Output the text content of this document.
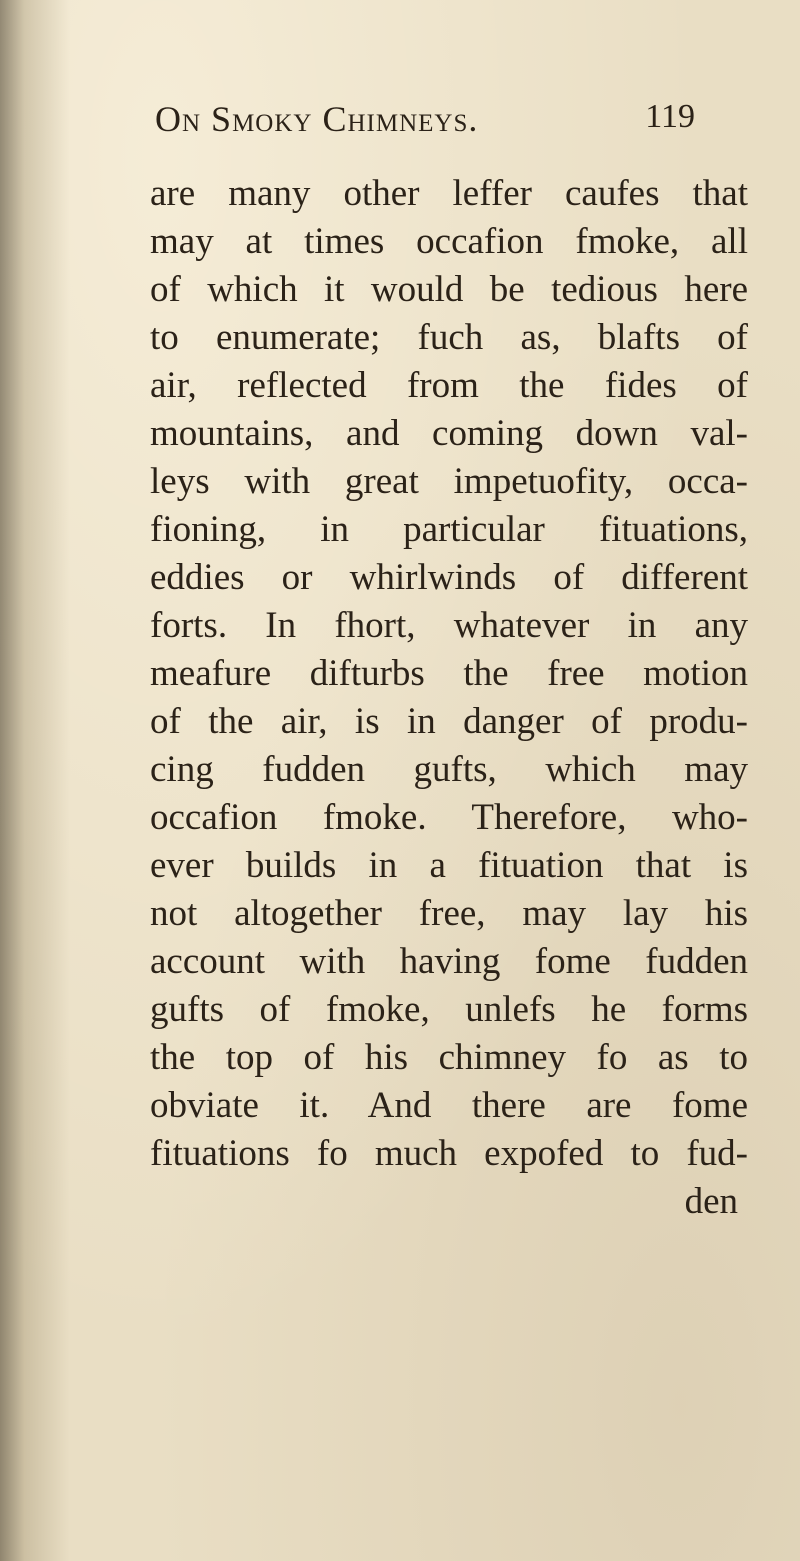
On Smoky Chimneys.	119
are many other leffer caufes that
may at times occafion fmoke, all
of which it would be tedious here
to enumerate; fuch as, blafts of
air, reflected from the fides of
mountains, and coming down val-
leys with great impetuofity, occa-
fioning, in particular fituations,
eddies or whirlwinds of different
forts. In fhort, whatever in any
meafure difturbs the free motion
of the air, is in danger of produ-
cing fudden gufts, which may
occafion fmoke. Therefore, who-
ever builds in a fituation that is
not altogether free, may lay his
account with having fome fudden
gufts of fmoke, unlefs he forms
the top of his chimney fo as to
obviate it. And there are fome
fituations fo much expofed to fud-
den
